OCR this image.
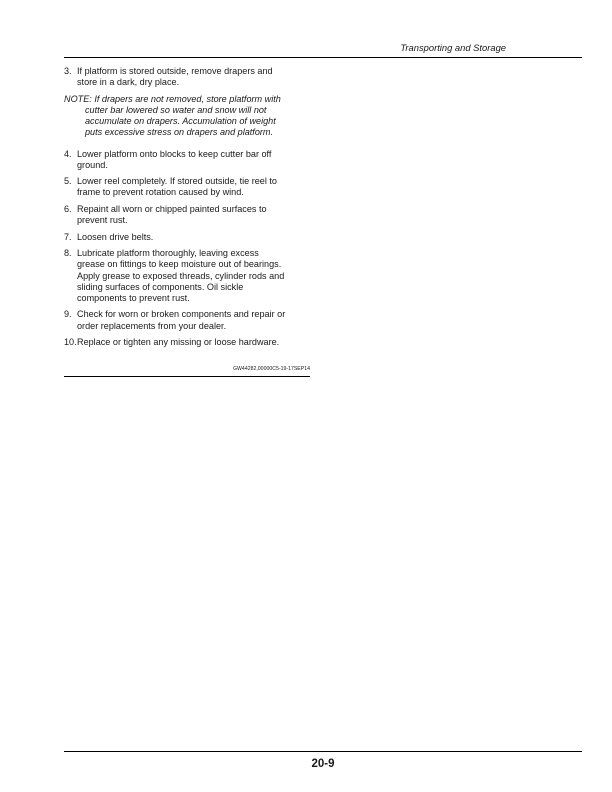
Transporting and Storage
3. If platform is stored outside, remove drapers and
store in a dark, dry place.
NOTE: If drapers are not removed, store platform with
cutter bar lowered so water and snow will not
accumulate on drapers. Accumulation of weight
puts excessive stress on drapers and platform.
4. Lower platform onto blocks to keep cutter bar off
ground.
5. Lower reel completely. If stored outside, tie reel to
frame to prevent rotation caused by wind.
6. Repaint all worn or chipped painted surfaces to
prevent rust.
7. Loosen drive belts.
8. Lubricate platform thoroughly, leaving excess
grease on fittings to keep moisture out of bearings.
Apply grease to exposed threads, cylinder rods and
sliding surfaces of components. Oil sickle
components to prevent rust.
9. Check for worn or broken components and repair or
order replacements from your dealer.
10. Replace or tighten any missing or loose hardware.
GW44282,00000C5-19-17SEP14
20-9
